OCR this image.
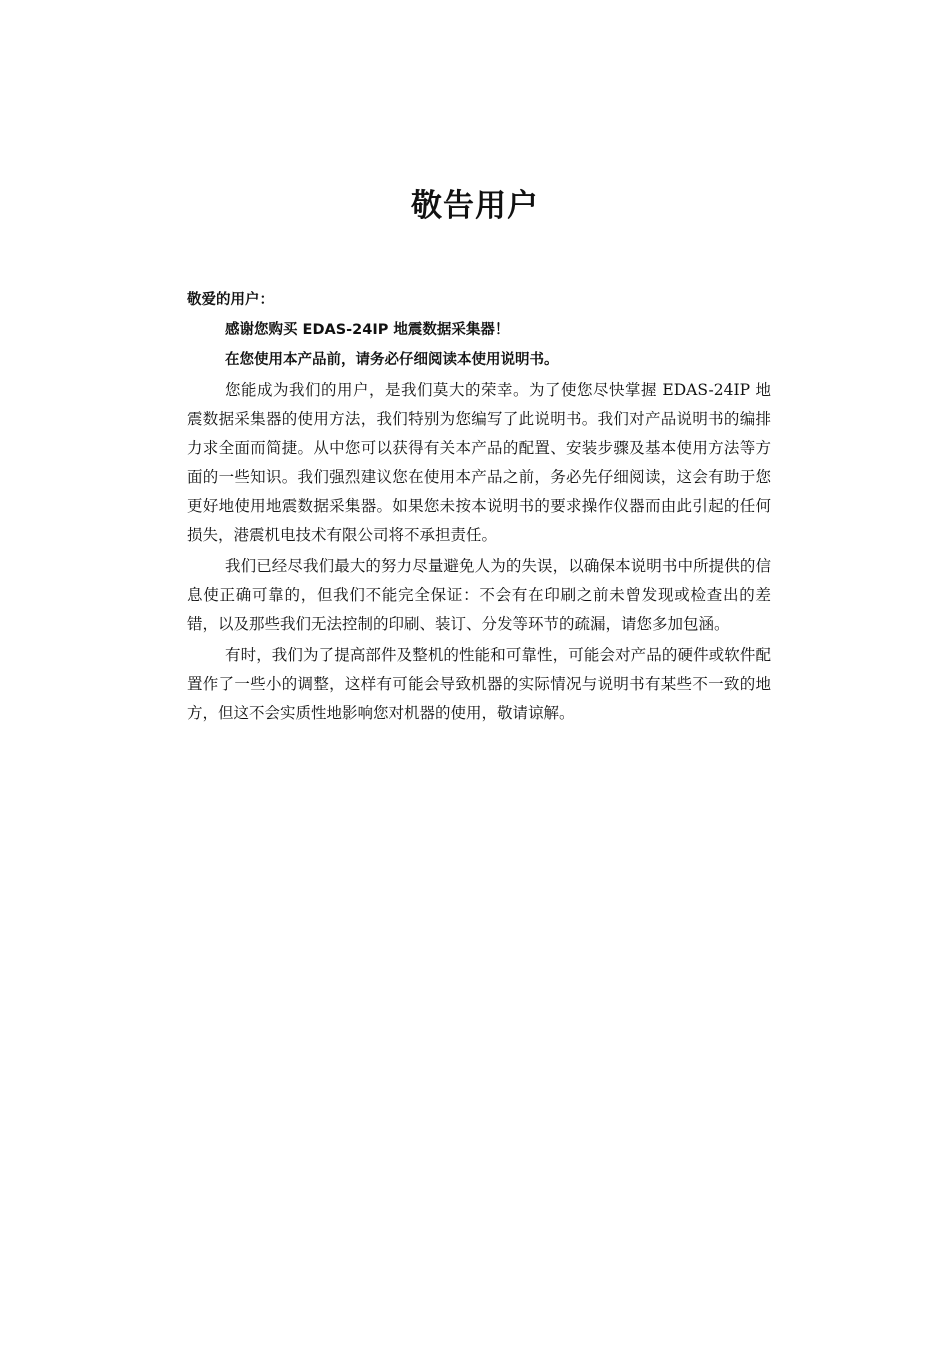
敬告用户

敬爱的用户：

感谢您购买 EDAS-24IP 地震数据采集器！

在您使用本产品前，请务必仔细阅读本使用说明书。

您能成为我们的用户，是我们莫大的荣幸。为了使您尽快掌握 EDAS-24IP 地震数据采集器的使用方法，我们特别为您编写了此说明书。我们对产品说明书的编排力求全面而简捷。从中您可以获得有关本产品的配置、安装步骤及基本使用方法等方面的一些知识。我们强烈建议您在使用本产品之前，务必先仔细阅读，这会有助于您更好地使用地震数据采集器。如果您未按本说明书的要求操作仪器而由此引起的任何损失，港震机电技术有限公司将不承担责任。

我们已经尽我们最大的努力尽量避免人为的失误，以确保本说明书中所提供的信息使正确可靠的，但我们不能完全保证：不会有在印刷之前未曾发现或检查出的差错，以及那些我们无法控制的印刷、装订、分发等环节的疏漏，请您多加包涵。

有时，我们为了提高部件及整机的性能和可靠性，可能会对产品的硬件或软件配置作了一些小的调整，这样有可能会导致机器的实际情况与说明书有某些不一致的地方，但这不会实质性地影响您对机器的使用，敬请谅解。
